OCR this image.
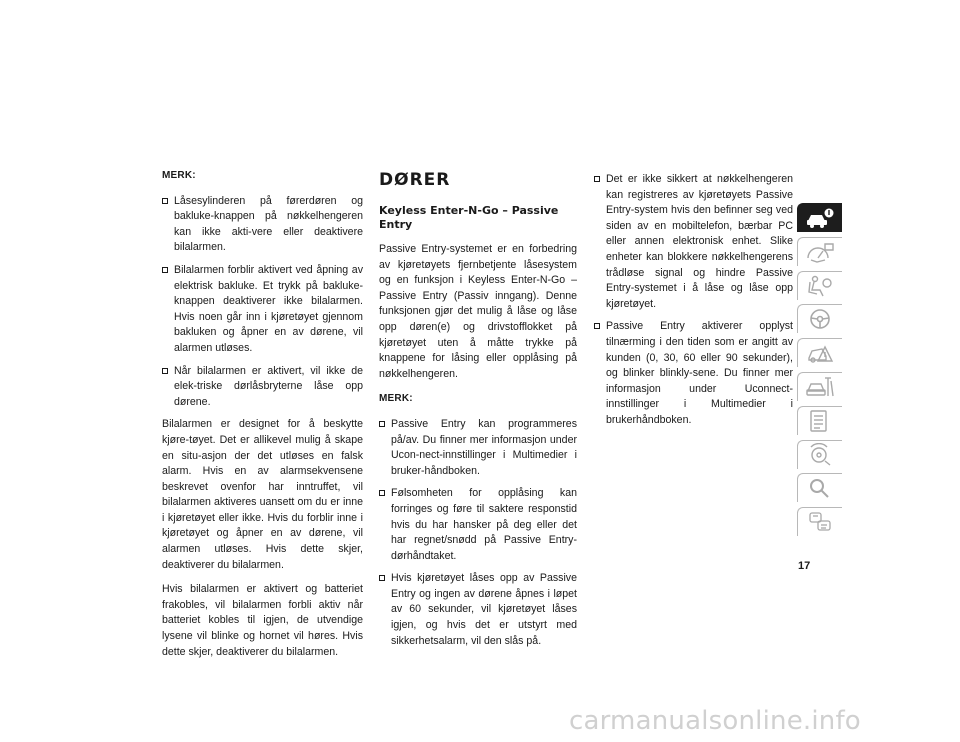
MERK:
Låsesylinderen på førerdøren og bakluke-knappen på nøkkelhengeren kan ikke akti-vere eller deaktivere bilalarmen.
Bilalarmen forblir aktivert ved åpning av elektrisk bakluke. Et trykk på bakluke-knappen deaktiverer ikke bilalarmen. Hvis noen går inn i kjøretøyet gjennom bakluken og åpner en av dørene, vil alarmen utløses.
Når bilalarmen er aktivert, vil ikke de elek-triske dørlåsbryterne låse opp dørene.

Bilalarmen er designet for å beskytte kjøre-tøyet. Det er allikevel mulig å skape en situ-asjon der det utløses en falsk alarm. Hvis en av alarmsekvensene beskrevet ovenfor har inntruffet, vil bilalarmen aktiveres uansett om du er inne i kjøretøyet eller ikke. Hvis du forblir inne i kjøretøyet og åpner en av dørene, vil alarmen utløses. Hvis dette skjer, deaktiverer du bilalarmen.

Hvis bilalarmen er aktivert og batteriet frakobles, vil bilalarmen forbli aktiv når batteriet kobles til igjen, de utvendige lysene vil blinke og hornet vil høres. Hvis dette skjer, deaktiverer du bilalarmen.

DØRER
Keyless Enter-N-Go – Passive Entry

Passive Entry-systemet er en forbedring av kjøretøyets fjernbetjente låsesystem og en funksjon i Keyless Enter-N-Go – Passive Entry (Passiv inngang). Denne funksjonen gjør det mulig å låse og låse opp døren(e) og drivstofflokket på kjøretøyet uten å måtte trykke på knappene for låsing eller opplåsing på nøkkelhengeren.

MERK:
Passive Entry kan programmeres på/av. Du finner mer informasjon under Ucon-nect-innstillinger i Multimedier i bruker-håndboken.
Følsomheten for opplåsing kan forringes og føre til saktere responstid hvis du har hansker på deg eller det har regnet/snødd på Passive Entry-dørhåndtaket.
Hvis kjøretøyet låses opp av Passive Entry og ingen av dørene åpnes i løpet av 60 sekunder, vil kjøretøyet låses igjen, og hvis det er utstyrt med sikkerhetsalarm, vil den slås på.
Det er ikke sikkert at nøkkelhengeren kan registreres av kjøretøyets Passive Entry-system hvis den befinner seg ved siden av en mobiltelefon, bærbar PC eller annen elektronisk enhet. Slike enheter kan blokkere nøkkelhengerens trådløse signal og hindre Passive Entry-systemet i å låse og låse opp kjøretøyet.
Passive Entry aktiverer opplyst tilnærming i den tiden som er angitt av kunden (0, 30, 60 eller 90 sekunder), og blinker blinkly-sene. Du finner mer informasjon under Uconnect-innstillinger i Multimedier i brukerhåndboken.
17
carmanualsonline.info
